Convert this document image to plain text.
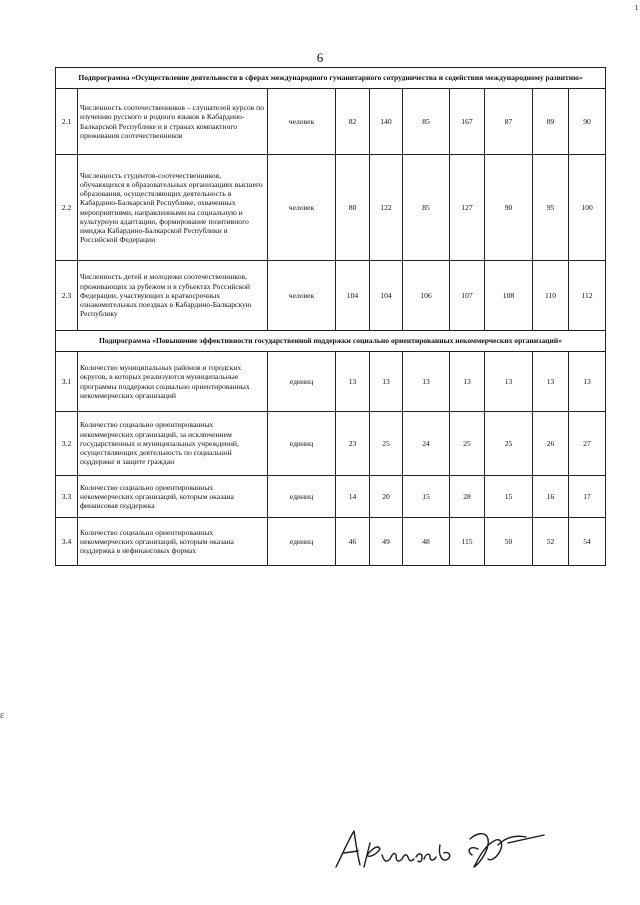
ı
ɛ
6
Подпрограмма «Осуществление деятельности в сферах международного гуманитарного сотрудничества и содействия международному развитию»									
2.1	Численность соотечественников – слушателей курсов по изучению русского и родного языков в Кабардино-Балкарской Республике и в странах компактного проживания соотечественников	человек	82	140	85	167	87	89	90
2.2	Численность студентов-соотечественников, обучающихся в образовательных организациях высшего образования, осуществляющих деятельность в Кабардино-Балкарской Республике, охваченных мероприятиями, направленными на социальную и культурную адаптацию, формирование позитивного имиджа Кабардино-Балкарской Республики и Российской Федерации	человек	80	122	85	127	90	95	100
2.3	Численность детей и молодежи соотечественников, проживающих за рубежом и в субъектах Российской Федерации, участвующих в краткосрочных ознакомительных поездках в Кабардино-Балкарскую Республику	человек	104	104	106	107	108	110	112
Подпрограмма «Повышение эффективности государственной поддержки социально ориентированных некоммерческих организаций»									
3.1	Количество муниципальных районов и городских округов, в которых реализуются муниципальные программы поддержки социально ориентированных некоммерческих организаций	единиц	13	13	13	13	13	13	13
3.2	Количество социально ориентированных некоммерческих организаций, за исключением государственных и муниципальных учреждений, осуществляющих деятельность по социальной поддержке и защите граждан	единиц	23	25	24	25	25	26	27
3.3	Количество социально ориентированных некоммерческих организаций, которым оказана финансовая поддержка	единиц	14	20	15	28	15	16	17
3.4	Количество социально ориентированных некоммерческих организаций, которым оказана поддержка в нефинансовых формах	единиц	46	49	48	115	50	52	54
